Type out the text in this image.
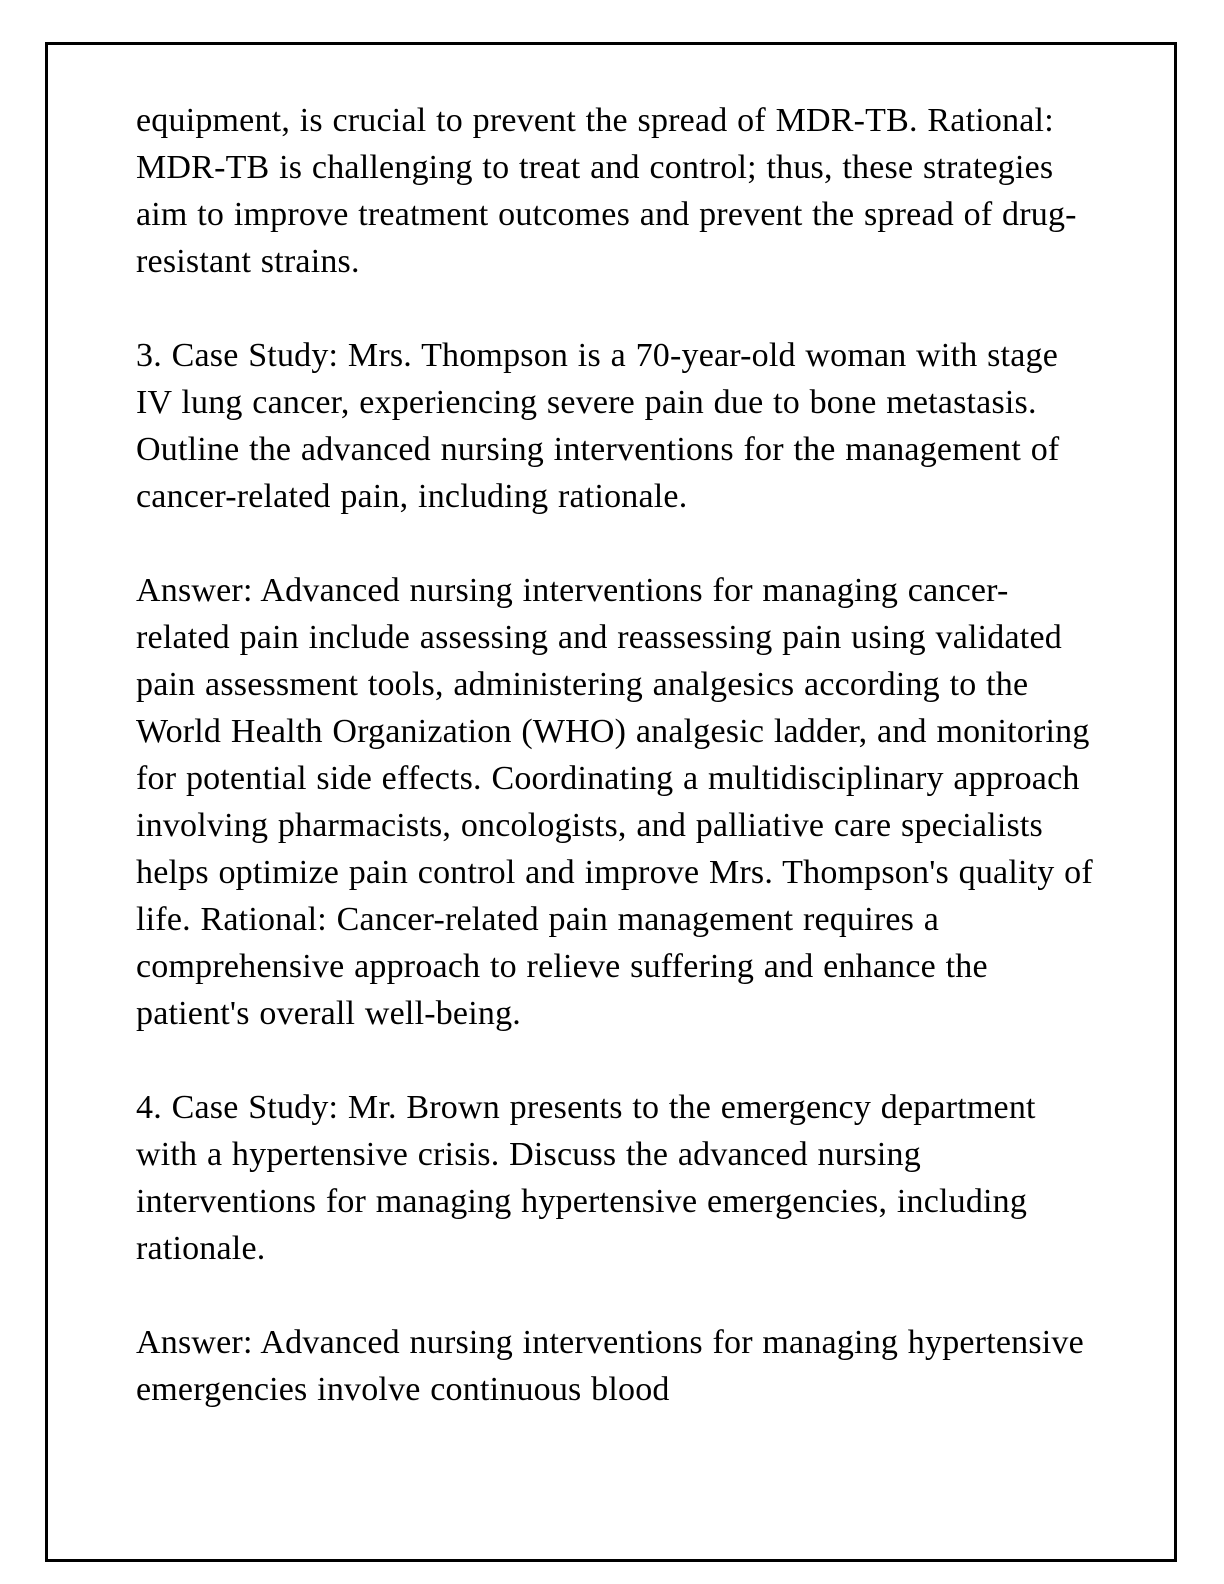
equipment, is crucial to prevent the spread of MDR-TB. Rational: MDR-TB is challenging to treat and control; thus, these strategies aim to improve treatment outcomes and prevent the spread of drug-resistant strains.

3. Case Study: Mrs. Thompson is a 70-year-old woman with stage IV lung cancer, experiencing severe pain due to bone metastasis. Outline the advanced nursing interventions for the management of cancer-related pain, including rationale.

Answer: Advanced nursing interventions for managing cancer-related pain include assessing and reassessing pain using validated pain assessment tools, administering analgesics according to the World Health Organization (WHO) analgesic ladder, and monitoring for potential side effects. Coordinating a multidisciplinary approach involving pharmacists, oncologists, and palliative care specialists helps optimize pain control and improve Mrs. Thompson's quality of life. Rational: Cancer-related pain management requires a comprehensive approach to relieve suffering and enhance the patient's overall well-being.

4. Case Study: Mr. Brown presents to the emergency department with a hypertensive crisis. Discuss the advanced nursing interventions for managing hypertensive emergencies, including rationale.

Answer: Advanced nursing interventions for managing hypertensive emergencies involve continuous blood
